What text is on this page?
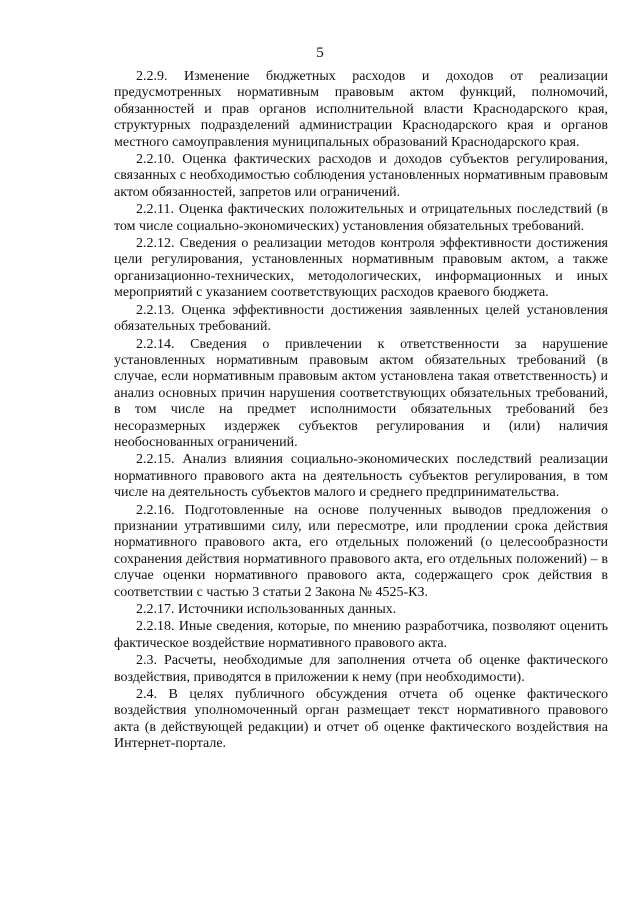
5

2.2.9. Изменение бюджетных расходов и доходов от реализации предусмотренных нормативным правовым актом функций, полномочий, обязанностей и прав органов исполнительной власти Краснодарского края, структурных подразделений администрации Краснодарского края и органов местного самоуправления муниципальных образований Краснодарского края.

2.2.10. Оценка фактических расходов и доходов субъектов регулирования, связанных с необходимостью соблюдения установленных нормативным правовым актом обязанностей, запретов или ограничений.

2.2.11. Оценка фактических положительных и отрицательных последствий (в том числе социально-экономических) установления обязательных требований.

2.2.12. Сведения о реализации методов контроля эффективности достижения цели регулирования, установленных нормативным правовым актом, а также организационно-технических, методологических, информационных и иных мероприятий с указанием соответствующих расходов краевого бюджета.

2.2.13. Оценка эффективности достижения заявленных целей установления обязательных требований.

2.2.14. Сведения о привлечении к ответственности за нарушение установленных нормативным правовым актом обязательных требований (в случае, если нормативным правовым актом установлена такая ответственность) и анализ основных причин нарушения соответствующих обязательных требований, в том числе на предмет исполнимости обязательных требований без несоразмерных издержек субъектов регулирования и (или) наличия необоснованных ограничений.

2.2.15. Анализ влияния социально-экономических последствий реализации нормативного правового акта на деятельность субъектов регулирования, в том числе на деятельность субъектов малого и среднего предпринимательства.

2.2.16. Подготовленные на основе полученных выводов предложения о признании утратившими силу, или пересмотре, или продлении срока действия нормативного правового акта, его отдельных положений (о целесообразности сохранения действия нормативного правового акта, его отдельных положений) – в случае оценки нормативного правового акта, содержащего срок действия в соответствии с частью 3 статьи 2 Закона № 4525-КЗ.

2.2.17. Источники использованных данных.

2.2.18. Иные сведения, которые, по мнению разработчика, позволяют оценить фактическое воздействие нормативного правового акта.

2.3. Расчеты, необходимые для заполнения отчета об оценке фактического воздействия, приводятся в приложении к нему (при необходимости).

2.4. В целях публичного обсуждения отчета об оценке фактического воздействия уполномоченный орган размещает текст нормативного правового акта (в действующей редакции) и отчет об оценке фактического воздействия на Интернет-портале.
